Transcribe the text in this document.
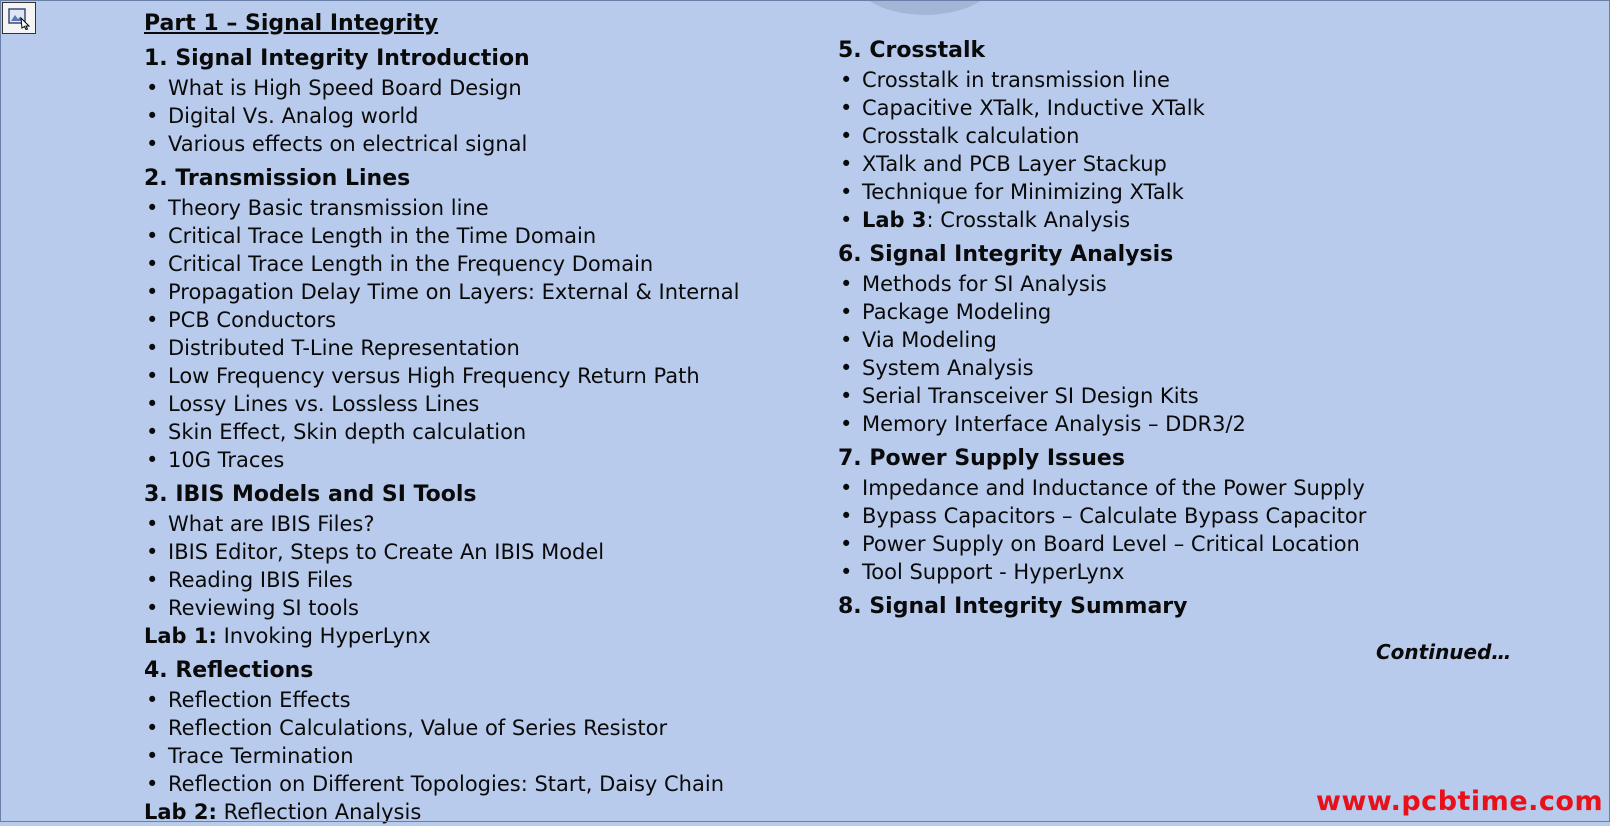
Part 1 – Signal Integrity
1. Signal Integrity Introduction
• What is High Speed Board Design
• Digital Vs. Analog world
• Various effects on electrical signal
2. Transmission Lines
• Theory Basic transmission line
• Critical Trace Length in the Time Domain
• Critical Trace Length in the Frequency Domain
• Propagation Delay Time on Layers: External & Internal
• PCB Conductors
• Distributed T-Line Representation
• Low Frequency versus High Frequency Return Path
• Lossy Lines vs. Lossless Lines
• Skin Effect, Skin depth calculation
• 10G Traces
3. IBIS Models and SI Tools
• What are IBIS Files?
• IBIS Editor, Steps to Create An IBIS Model
• Reading IBIS Files
• Reviewing SI tools
Lab 1: Invoking HyperLynx
4. Reflections
• Reflection Effects
• Reflection Calculations, Value of Series Resistor
• Trace Termination
• Reflection on Different Topologies: Start, Daisy Chain
Lab 2: Reflection Analysis
5. Crosstalk
• Crosstalk in transmission line
• Capacitive XTalk, Inductive XTalk
• Crosstalk calculation
• XTalk and PCB Layer Stackup
• Technique for Minimizing XTalk
• Lab 3: Crosstalk Analysis
6. Signal Integrity Analysis
• Methods for SI Analysis
• Package Modeling
• Via Modeling
• System Analysis
• Serial Transceiver SI Design Kits
• Memory Interface Analysis – DDR3/2
7. Power Supply Issues
• Impedance and Inductance of the Power Supply
• Bypass Capacitors – Calculate Bypass Capacitor
• Power Supply on Board Level – Critical Location
• Tool Support - HyperLynx
8. Signal Integrity Summary
Continued…
www.pcbtime.com
